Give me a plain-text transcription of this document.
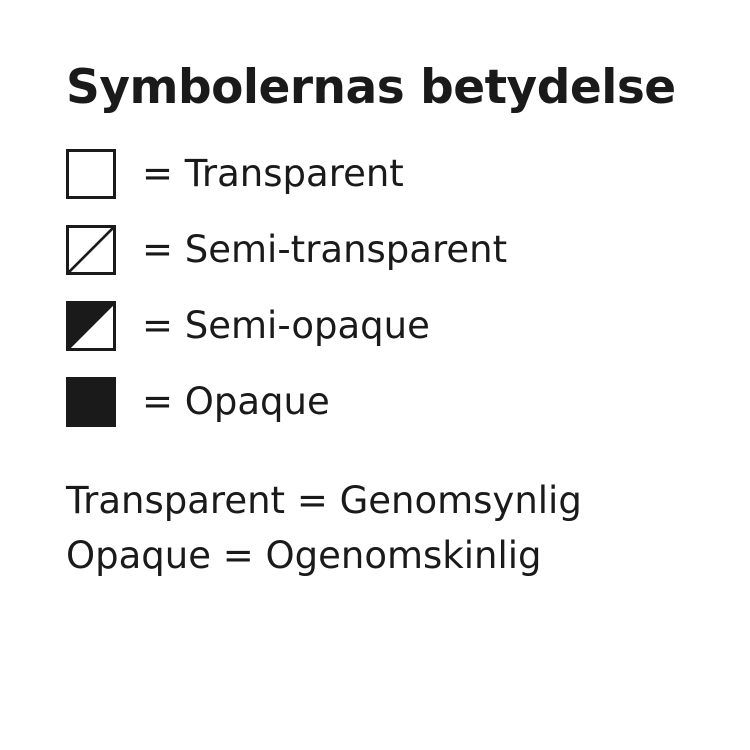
Symbolernas betydelse
= Transparent
= Semi-transparent
= Semi-opaque
= Opaque
Transparent = Genomsynlig
Opaque = Ogenomskinlig
